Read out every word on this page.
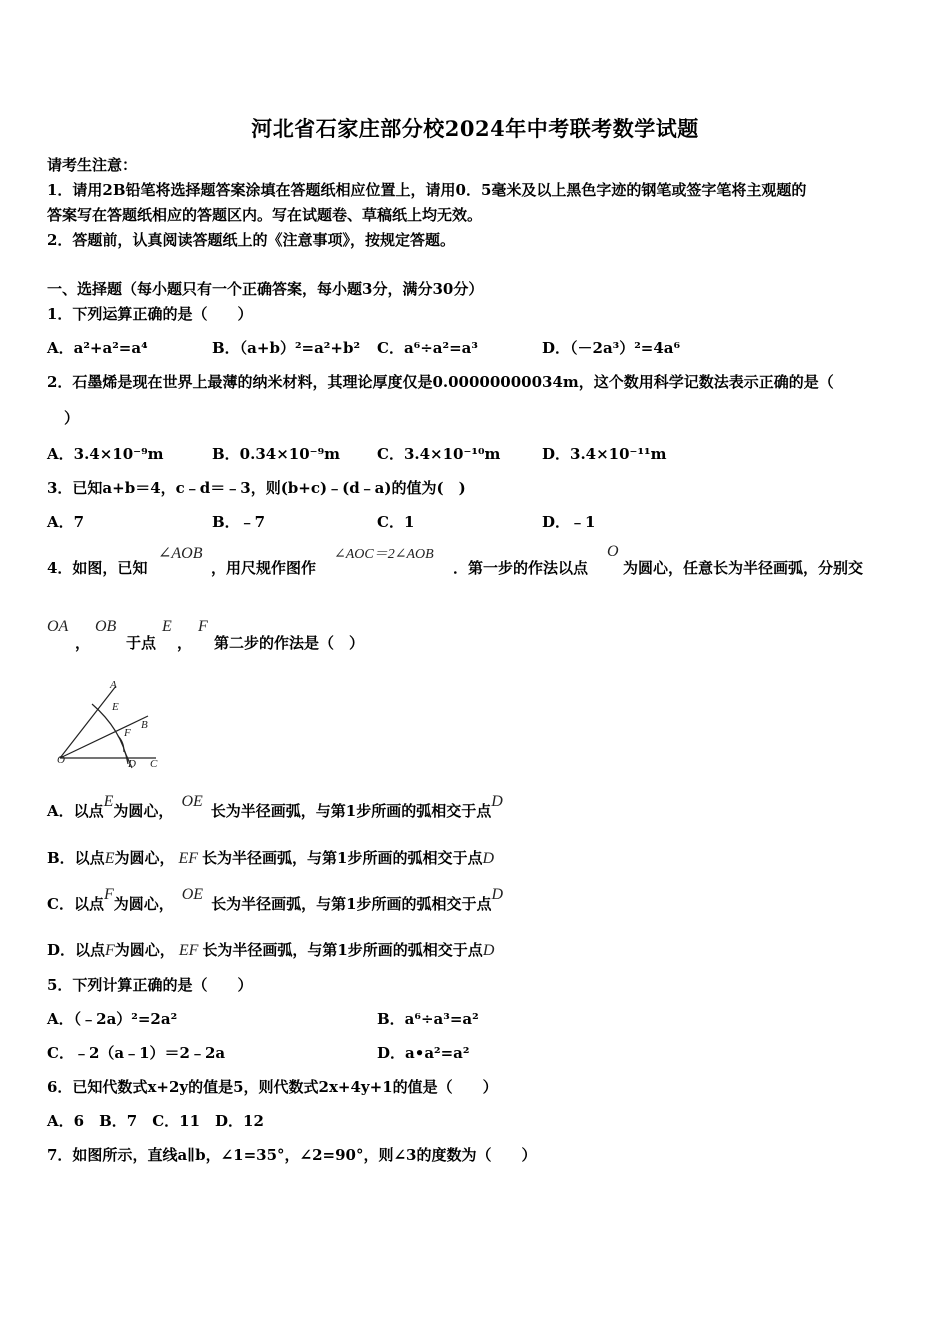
河北省石家庄部分校2024年中考联考数学试题
请考生注意：
1．请用2B铅笔将选择题答案涂填在答题纸相应位置上，请用0．5毫米及以上黑色字迹的钢笔或签字笔将主观题的
答案写在答题纸相应的答题区内。写在试题卷、草稿纸上均无效。
2．答题前，认真阅读答题纸上的《注意事项》，按规定答题。
一、选择题（每小题只有一个正确答案，每小题3分，满分30分）
1．下列运算正确的是（　　）
A．a²+a²=a⁴	B．（a+b）²=a²+b² C．a⁶÷a²=a³	D．（－2a³）²=4a⁶
2．石墨烯是现在世界上最薄的纳米材料，其理论厚度仅是0.00000000034m，这个数用科学记数法表示正确的是（
）
A．3.4×10⁻⁹m	B．0.34×10⁻⁹m C．3.4×10⁻¹⁰m	D．3.4×10⁻¹¹m
3．已知a+b＝4，c﹣d＝﹣3，则(b+c)﹣(d﹣a)的值为(　)
A．7	B．﹣7	C．1	D．﹣1
4．如图，已知
∠AOB
，用尺规作图作
∠AOC＝2∠AOB
．第一步的作法以点
O
为圆心，任意长为半径画弧，分别交
OA
，
OB
于点
E
，
F
第二步的作法是（　）
A
E
B
F
O	D C
A．以点E为圆心，OE长为半径画弧，与第1步所画的弧相交于点D
B．以点E为圆心， EF 长为半径画弧，与第1步所画的弧相交于点D
C．以点F为圆心，OE长为半径画弧，与第1步所画的弧相交于点D
D．以点F为圆心， EF 长为半径画弧，与第1步所画的弧相交于点D
5．下列计算正确的是（　　）
A．（﹣2a）²=2a²	B．a⁶÷a³=a²
C．﹣2（a﹣1）＝2﹣2a	D．a•a²=a²
6．已知代数式x+2y的值是5，则代数式2x+4y+1的值是（　　）
A．6　B．7　C．11　D．12
7．如图所示，直线a∥b，∠1=35°，∠2=90°，则∠3的度数为（　　）
